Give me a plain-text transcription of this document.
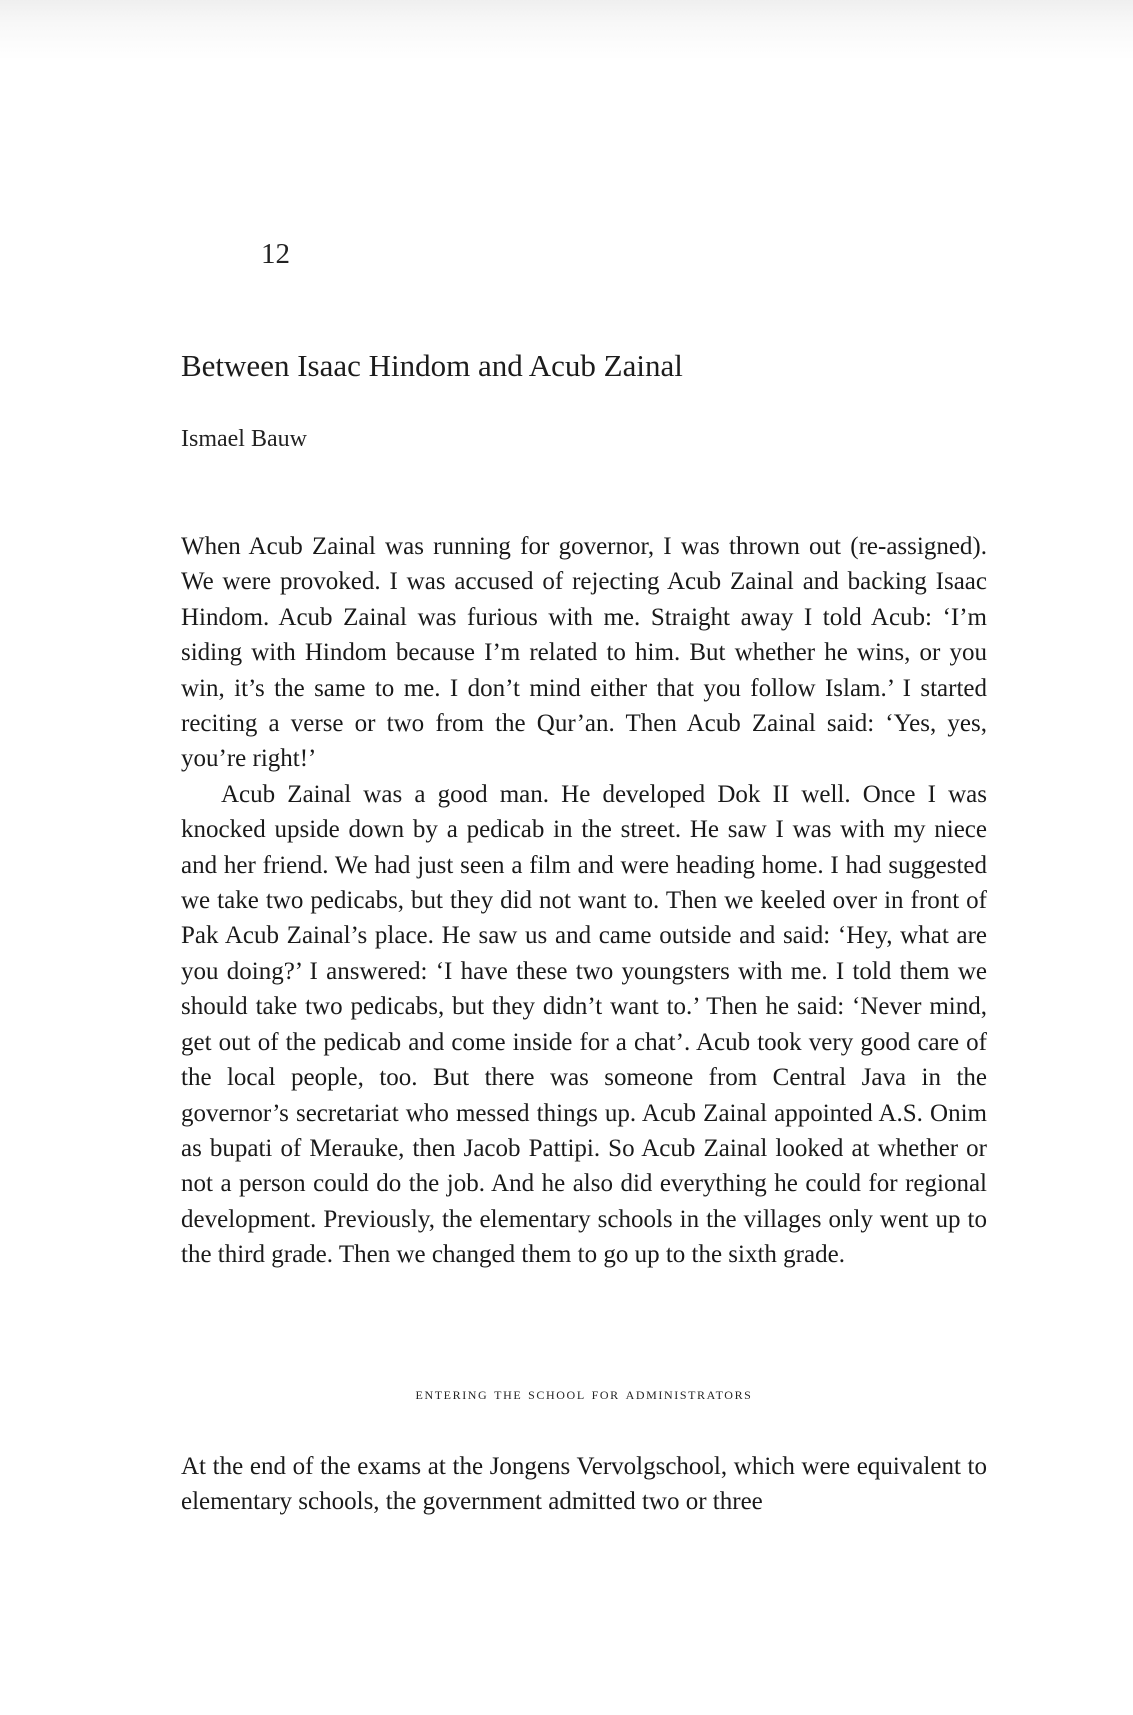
12
Between Isaac Hindom and Acub Zainal
Ismael Bauw

When Acub Zainal was running for governor, I was thrown out (re-assigned). We were provoked. I was accused of rejecting Acub Zainal and backing Isaac Hindom. Acub Zainal was furious with me. Straight away I told Acub: ‘I’m siding with Hindom because I’m related to him. But whether he wins, or you win, it’s the same to me. I don’t mind either that you follow Islam.’ I started reciting a verse or two from the Qur’an. Then Acub Zainal said: ‘Yes, yes, you’re right!’

Acub Zainal was a good man. He developed Dok II well. Once I was knocked upside down by a pedicab in the street. He saw I was with my niece and her friend. We had just seen a film and were heading home. I had suggested we take two pedicabs, but they did not want to. Then we keeled over in front of Pak Acub Zainal’s place. He saw us and came outside and said: ‘Hey, what are you doing?’ I answered: ‘I have these two youngsters with me. I told them we should take two pedicabs, but they didn’t want to.’ Then he said: ‘Never mind, get out of the pedicab and come inside for a chat’. Acub took very good care of the local people, too. But there was someone from Central Java in the governor’s secretariat who messed things up. Acub Zainal appointed A.S. Onim as bupati of Merauke, then Jacob Pattipi. So Acub Zainal looked at whether or not a person could do the job. And he also did everything he could for regional development. Previously, the elementary schools in the villages only went up to the third grade. Then we changed them to go up to the sixth grade.

entering the school for administrators

At the end of the exams at the Jongens Vervolgschool, which were equivalent to elementary schools, the government admitted two or three
